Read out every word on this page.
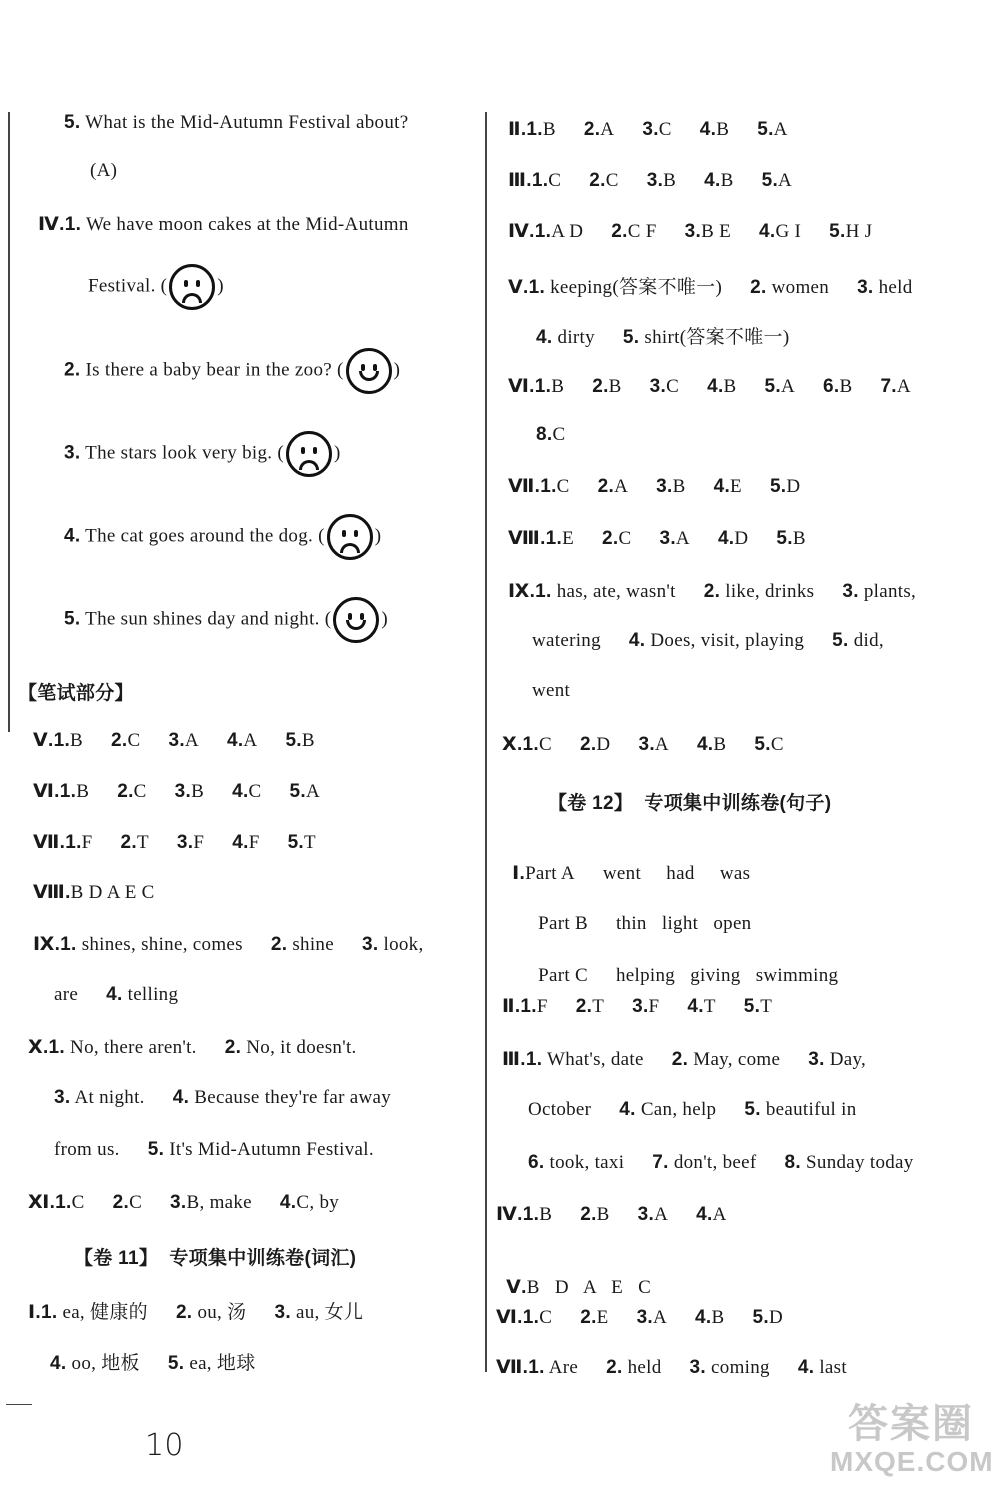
5. What is the Mid-Autumn Festival about?
(A)
Ⅳ.1. We have moon cakes at the Mid-Autumn
Festival. (	)
2. Is there a baby bear in the zoo? (	)
3. The stars look very big. (	)
4. The cat goes around the dog. (	)
5. The sun shines day and night. (	)
【笔试部分】
Ⅴ.1.B 2.C 3.A 4.A 5.B
Ⅵ.1.B 2.C 3.B 4.C 5.A
Ⅶ.1.F 2.T 3.F 4.F 5.T
Ⅷ.B D A E C
Ⅸ.1. shines, shine, comes 2. shine 3. look,
are 4. telling
Ⅹ.1. No, there aren't. 2. No, it doesn't.
3. At night. 4. Because they're far away
from us. 5. It's Mid-Autumn Festival.
Ⅺ.1.C 2.C 3.B, make 4.C, by
【卷 11】 专项集中训练卷(词汇)
Ⅰ.1. ea, 健康的 2. ou, 汤 3. au, 女儿
4. oo, 地板 5. ea, 地球
10
Ⅱ.1.B 2.A 3.C 4.B 5.A
Ⅲ.1.C 2.C 3.B 4.B 5.A
Ⅳ.1.A D 2.C F 3.B E 4.G I 5.H J
Ⅴ.1. keeping(答案不唯一) 2. women 3. held
4. dirty 5. shirt(答案不唯一)
Ⅵ.1.B 2.B 3.C 4.B 5.A 6.B 7.A
8.C
Ⅶ.1.C 2.A 3.B 4.E 5.D
Ⅷ.1.E 2.C 3.A 4.D 5.B
Ⅸ.1. has, ate, wasn't 2. like, drinks 3. plants,
watering 4. Does, visit, playing 5. did,
went
Ⅹ.1.C 2.D 3.A 4.B 5.C
【卷 12】 专项集中训练卷(句子)

Ⅰ.Part A went     had     was

Part B thin   light   open

Part C helping   giving   swimming

Ⅱ.1.F 2.T 3.F 4.T 5.T
Ⅲ.1. What's, date 2. May, come 3. Day,
October 4. Can, help 5. beautiful in
6. took, taxi 7. don't, beef 8. Sunday today
Ⅳ.1.B 2.B 3.A 4.A

Ⅴ.B   D   A   E   C

Ⅵ.1.C 2.E 3.A 4.B 5.D
Ⅶ.1. Are 2. held 3. coming 4. last
答案圈
MXQE.COM
